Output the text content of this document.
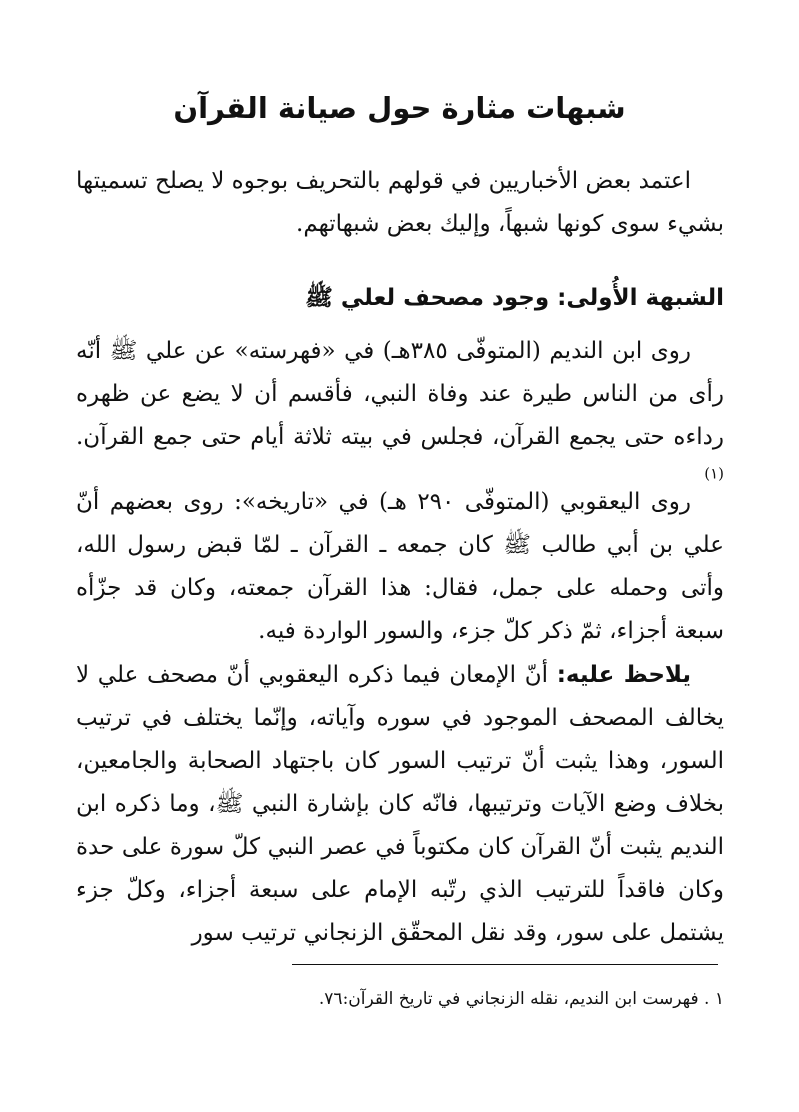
شبهات مثارة حول صيانة القرآن

اعتمد بعض الأخباريين في قولهم بالتحريف بوجوه لا يصلح تسميتها بشيء سوى كونها شبهاً، وإليك بعض شبهاتهم.

الشبهة الأُولى: وجود مصحف لعلي ﷺ

روى ابن النديم (المتوفّى ٣٨٥هـ) في «فهرسته» عن علي ﷺ أنّه رأى من الناس طيرة عند وفاة النبي، فأقسم أن لا يضع عن ظهره رداءه حتى يجمع القرآن، فجلس في بيته ثلاثة أيام حتى جمع القرآن.$^{(١)}$

روى اليعقوبي (المتوفّى ٢٩٠ هـ) في «تاريخه»: روى بعضهم أنّ علي بن أبي طالب ﷺ كان جمعه ـ القرآن ـ لمّا قبض رسول الله، وأتى وحمله على جمل، فقال: هذا القرآن جمعته، وكان قد جزّأه سبعة أجزاء، ثمّ ذكر كلّ جزء، والسور الواردة فيه.

يلاحظ عليه: أنّ الإمعان فيما ذكره اليعقوبي أنّ مصحف علي لا يخالف المصحف الموجود في سوره وآياته، وإنّما يختلف في ترتيب السور، وهذا يثبت أنّ ترتيب السور كان باجتهاد الصحابة والجامعين، بخلاف وضع الآيات وترتيبها، فانّه كان بإشارة النبي ﷺ، وما ذكره ابن النديم يثبت أنّ القرآن كان مكتوباً في عصر النبي كلّ سورة على حدة وكان فاقداً للترتيب الذي رتّبه الإمام على سبعة أجزاء، وكلّ جزء يشتمل على سور، وقد نقل المحقّق الزنجاني ترتيب سور

١ . فهرست ابن النديم، نقله الزنجاني في تاريخ القرآن:٧٦.
